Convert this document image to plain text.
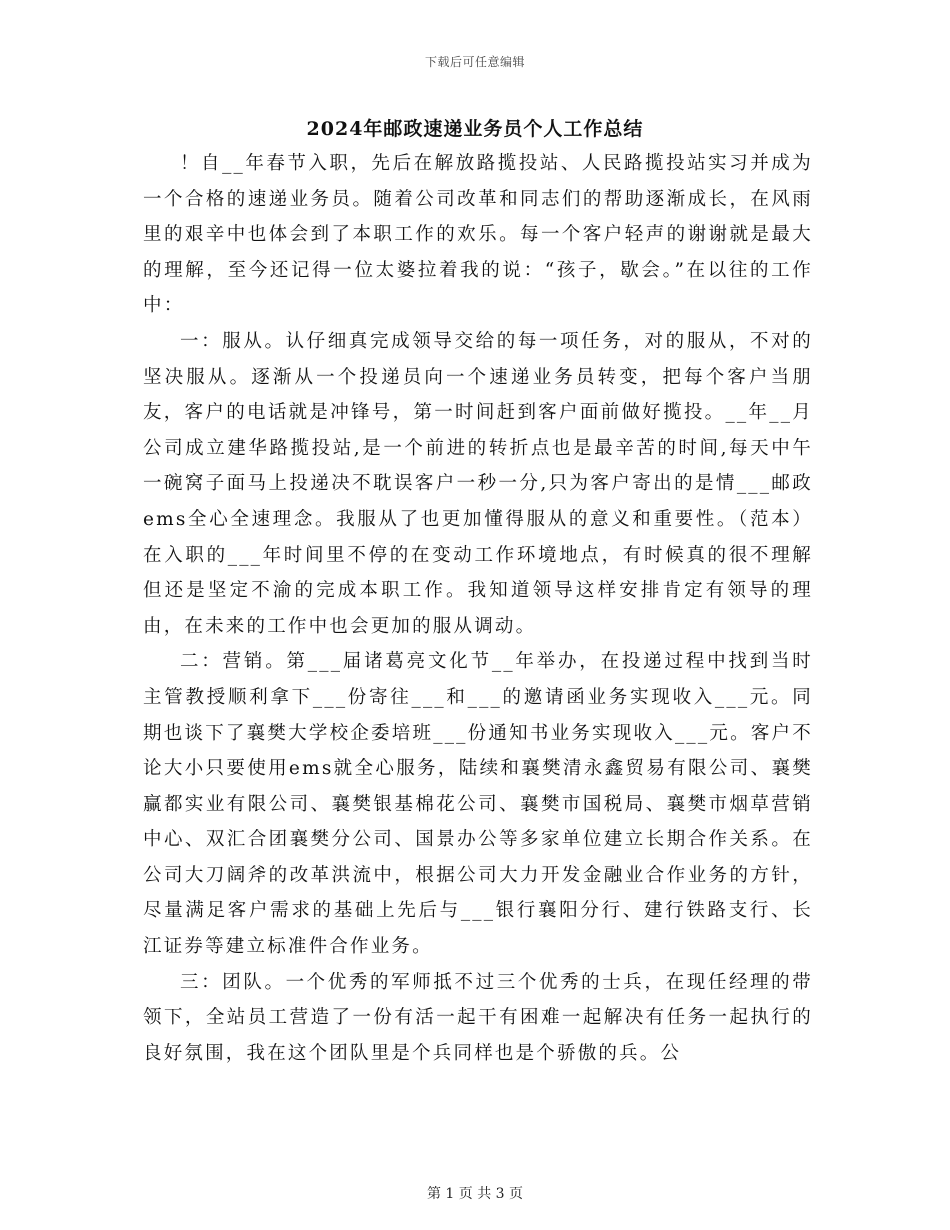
下载后可任意编辑
2024年邮政速递业务员个人工作总结

！自__年春节入职，先后在解放路揽投站、人民路揽投站实习并成为一个合格的速递业务员。随着公司改革和同志们的帮助逐渐成长，在风雨里的艰辛中也体会到了本职工作的欢乐。每一个客户轻声的谢谢就是最大的理解，至今还记得一位太婆拉着我的说：“孩子，歇会。”在以往的工作中：

一：服从。认仔细真完成领导交给的每一项任务，对的服从，不对的坚决服从。逐渐从一个投递员向一个速递业务员转变，把每个客户当朋友，客户的电话就是冲锋号，第一时间赶到客户面前做好揽投。__年__月公司成立建华路揽投站,是一个前进的转折点也是最辛苦的时间,每天中午一碗窝子面马上投递决不耽误客户一秒一分,只为客户寄出的是情___邮政ems全心全速理念。我服从了也更加懂得服从的意义和重要性。（范本）在入职的___年时间里不停的在变动工作环境地点，有时候真的很不理解但还是坚定不渝的完成本职工作。我知道领导这样安排肯定有领导的理由，在未来的工作中也会更加的服从调动。

二：营销。第___届诸葛亮文化节__年举办，在投递过程中找到当时主管教授顺利拿下___份寄往___和___的邀请函业务实现收入___元。同期也谈下了襄樊大学校企委培班___份通知书业务实现收入___元。客户不论大小只要使用ems就全心服务，陆续和襄樊清永鑫贸易有限公司、襄樊赢都实业有限公司、襄樊银基棉花公司、襄樊市国税局、襄樊市烟草营销中心、双汇合团襄樊分公司、国景办公等多家单位建立长期合作关系。在公司大刀阔斧的改革洪流中，根据公司大力开发金融业合作业务的方针，尽量满足客户需求的基础上先后与___银行襄阳分行、建行铁路支行、长江证券等建立标准件合作业务。

三：团队。一个优秀的军师抵不过三个优秀的士兵，在现任经理的带领下，全站员工营造了一份有活一起干有困难一起解决有任务一起执行的良好氛围，我在这个团队里是个兵同样也是个骄傲的兵。公

第 1 页 共 3 页
